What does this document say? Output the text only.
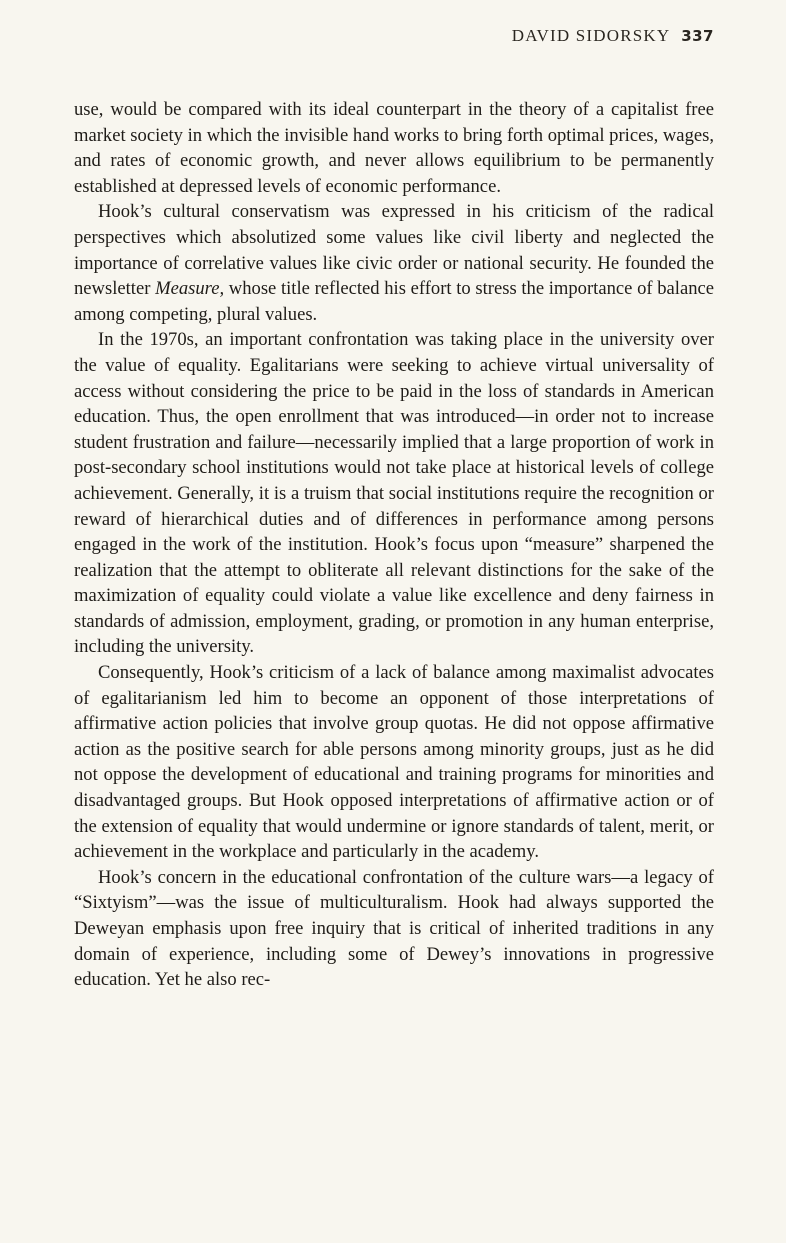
DAVID SIDORSKY 337

use, would be compared with its ideal counterpart in the theory of a capitalist free market society in which the invisible hand works to bring forth optimal prices, wages, and rates of economic growth, and never allows equilibrium to be permanently established at depressed levels of economic performance.

Hook’s cultural conservatism was expressed in his criticism of the radical perspectives which absolutized some values like civil liberty and neglected the importance of correlative values like civic order or national security. He founded the newsletter Measure, whose title reflected his effort to stress the importance of balance among competing, plural values.

In the 1970s, an important confrontation was taking place in the university over the value of equality. Egalitarians were seeking to achieve virtual universality of access without considering the price to be paid in the loss of standards in American education. Thus, the open enrollment that was introduced—in order not to increase student frustration and failure—necessarily implied that a large proportion of work in post-secondary school institutions would not take place at historical levels of college achievement. Generally, it is a truism that social institutions require the recognition or reward of hierarchical duties and of differences in performance among persons engaged in the work of the institution. Hook’s focus upon “measure” sharpened the realization that the attempt to obliterate all relevant distinctions for the sake of the maximization of equality could violate a value like excellence and deny fairness in standards of admission, employment, grading, or promotion in any human enterprise, including the university.

Consequently, Hook’s criticism of a lack of balance among maximalist advocates of egalitarianism led him to become an opponent of those interpretations of affirmative action policies that involve group quotas. He did not oppose affirmative action as the positive search for able persons among minority groups, just as he did not oppose the development of educational and training programs for minorities and disadvantaged groups. But Hook opposed interpretations of affirmative action or of the extension of equality that would undermine or ignore standards of talent, merit, or achievement in the workplace and particularly in the academy.

Hook’s concern in the educational confrontation of the culture wars—a legacy of “Sixtyism”—was the issue of multiculturalism. Hook had always supported the Deweyan emphasis upon free inquiry that is critical of inherited traditions in any domain of experience, including some of Dewey’s innovations in progressive education. Yet he also rec-
